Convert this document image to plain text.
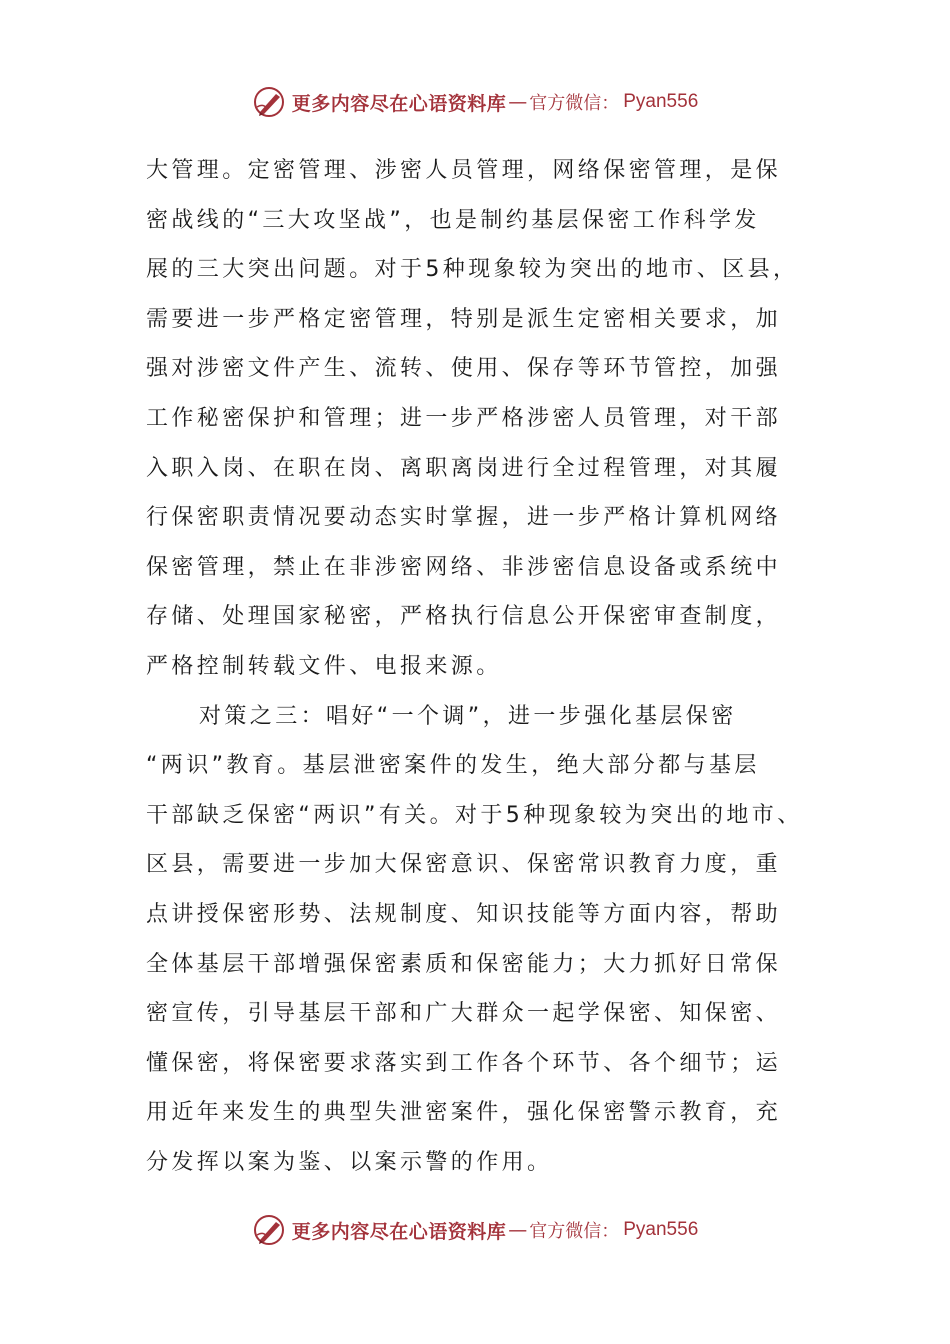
更多内容尽在心语资料库 — 官方微信： Pyan556
大管理。定密管理、涉密人员管理，网络保密管理，是保
密战线的“三大攻坚战”，也是制约基层保密工作科学发
展的三大突出问题。对于5种现象较为突出的地市、区县，
需要进一步严格定密管理，特别是派生定密相关要求，加
强对涉密文件产生、流转、使用、保存等环节管控，加强
工作秘密保护和管理；进一步严格涉密人员管理，对干部
入职入岗、在职在岗、离职离岗进行全过程管理，对其履
行保密职责情况要动态实时掌握，进一步严格计算机网络
保密管理，禁止在非涉密网络、非涉密信息设备或系统中
存储、处理国家秘密，严格执行信息公开保密审查制度，
严格控制转载文件、电报来源。
对策之三：唱好“一个调”，进一步强化基层保密
“两识”教育。基层泄密案件的发生，绝大部分都与基层
干部缺乏保密“两识”有关。对于5种现象较为突出的地市、
区县，需要进一步加大保密意识、保密常识教育力度，重
点讲授保密形势、法规制度、知识技能等方面内容，帮助
全体基层干部增强保密素质和保密能力；大力抓好日常保
密宣传，引导基层干部和广大群众一起学保密、知保密、
懂保密，将保密要求落实到工作各个环节、各个细节；运
用近年来发生的典型失泄密案件，强化保密警示教育，充
分发挥以案为鉴、以案示警的作用。
更多内容尽在心语资料库 — 官方微信： Pyan556
